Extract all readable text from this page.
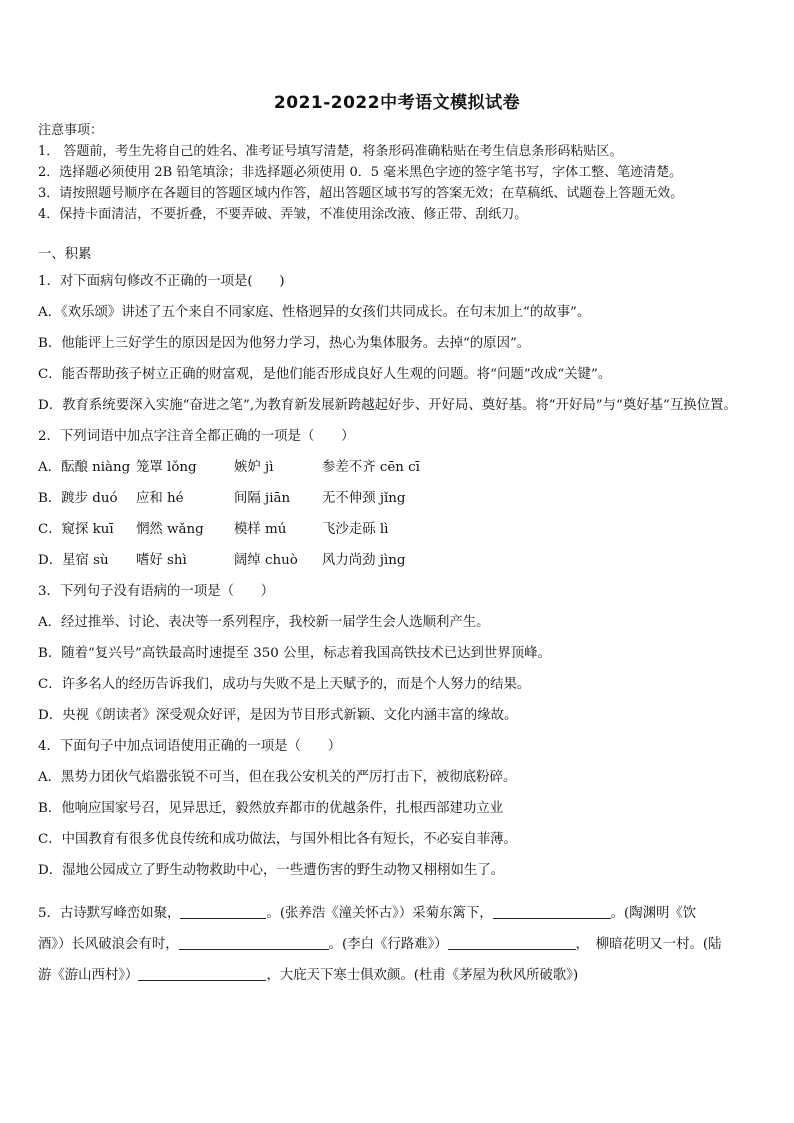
2021-2022中考语文模拟试卷
注意事项：
1． 答题前，考生先将自己的姓名、准考证号填写清楚，将条形码准确粘贴在考生信息条形码粘贴区。
2．选择题必须使用 2B 铅笔填涂；非选择题必须使用 0．5 毫米黑色字迹的签字笔书写，字体工整、笔迹清楚。
3．请按照题号顺序在各题目的答题区域内作答，超出答题区域书写的答案无效；在草稿纸、试题卷上答题无效。
4．保持卡面清洁，不要折叠，不要弄破、弄皱，不准使用涂改液、修正带、刮纸刀。
一、积累
1．对下面病句修改不正确的一项是(　　)
A．《欢乐颂》讲述了五个来自不同家庭、性格迥异的女孩们共同成长。在句末加上“的故事”。
B．他能评上三好学生的原因是因为他努力学习，热心为集体服务。去掉“的原因”。
C．能否帮助孩子树立正确的财富观，是他们能否形成良好人生观的问题。将“问题”改成“关键”。
D．教育系统要深入实施“奋进之笔”,为教育新发展新跨越起好步、开好局、奠好基。将“开好局”与“奠好基”互换位置。
2．下列词语中加点字注音全都正确的一项是（　　）
A．酝酿 niàng 笼罩 lǒng	嫉妒 jì	参差不齐 cēn cī
B．踱步 duó 应和 hé	间隔 jiān 无不伸颈 jǐng
C．窥探 kuī 惘然 wǎng 模样 mú	飞沙走砾 lì
D．星宿 sù 嗜好 shì	阔绰 chuò 风力尚劲 jìng
3．下列句子没有语病的一项是（　　）
A．经过推举、讨论、表决等一系列程序，我校新一届学生会人选顺利产生。
B．随着“复兴号”高铁最高时速提至 350 公里，标志着我国高铁技术已达到世界顶峰。
C．许多名人的经历告诉我们，成功与失败不是上天赋予的，而是个人努力的结果。
D．央视《朗读者》深受观众好评，是因为节目形式新颖、文化内涵丰富的缘故。
4．下面句子中加点词语使用正确的一项是（　　）
A．黑势力团伙气焰嚣张锐不可当，但在我公安机关的严厉打击下，被彻底粉碎。
B．他响应国家号召，见异思迁，毅然放弃都市的优越条件，扎根西部建功立业
C．中国教育有很多优良传统和成功做法，与国外相比各有短长，不必妄自菲薄。
D．湿地公园成立了野生动物救助中心，一些遭伤害的野生动物又栩栩如生了。
5．古诗默写峰峦如聚，	。(张养浩《潼关怀古》）采菊东篱下，	。(陶渊明《饮
酒》）长风破浪会有时，	。(李白《行路难》）	，　柳暗花明又一村。(陆
游《游山西村》）	，大庇天下寒士俱欢颜。(杜甫《茅屋为秋风所破歌》)
